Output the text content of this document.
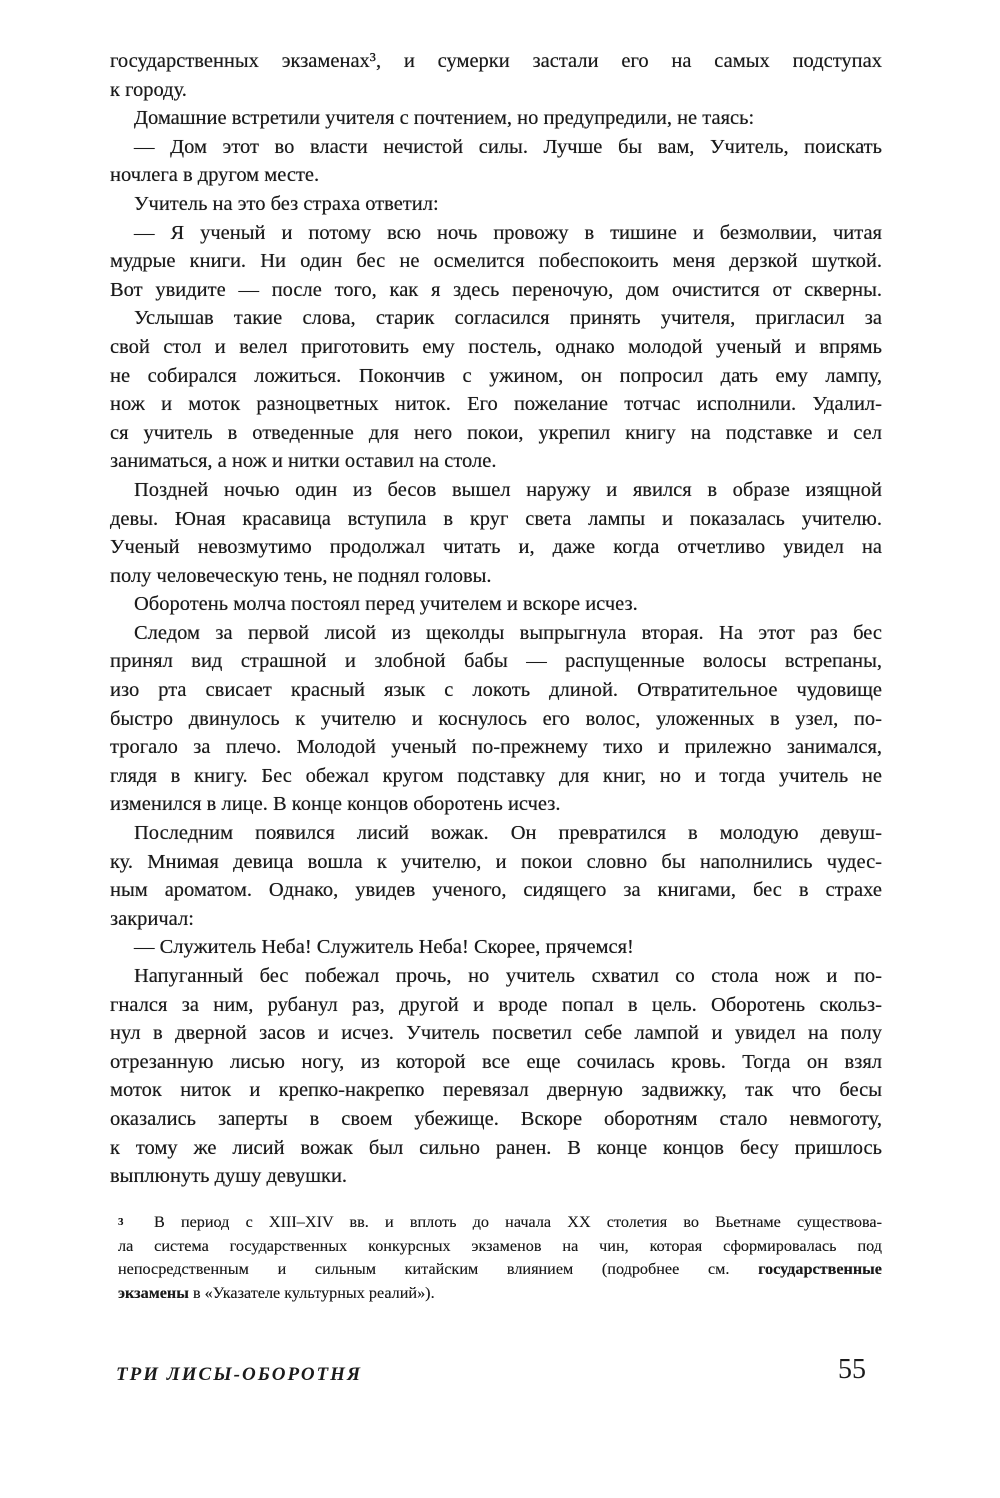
государственных экзаменах³, и сумерки застали его на самых подступах
к городу.
Домашние встретили учителя с почтением, но предупредили, не таясь:
— Дом этот во власти нечистой силы. Лучше бы вам, Учитель, поискать
ночлега в другом месте.
Учитель на это без страха ответил:
— Я ученый и потому всю ночь провожу в тишине и безмолвии, читая
мудрые книги. Ни один бес не осмелится побеспокоить меня дерзкой шуткой.
Вот увидите — после того, как я здесь переночую, дом очистится от скверны.
Услышав такие слова, старик согласился принять учителя, пригласил за
свой стол и велел приготовить ему постель, однако молодой ученый и впрямь
не собирался ложиться. Покончив с ужином, он попросил дать ему лампу,
нож и моток разноцветных ниток. Его пожелание тотчас исполнили. Удалил-
ся учитель в отведенные для него покои, укрепил книгу на подставке и сел
заниматься, а нож и нитки оставил на столе.
Поздней ночью один из бесов вышел наружу и явился в образе изящной
девы. Юная красавица вступила в круг света лампы и показалась учителю.
Ученый невозмутимо продолжал читать и, даже когда отчетливо увидел на
полу человеческую тень, не поднял головы.
Оборотень молча постоял перед учителем и вскоре исчез.
Следом за первой лисой из щеколды выпрыгнула вторая. На этот раз бес
принял вид страшной и злобной бабы — распущенные волосы встрепаны,
изо рта свисает красный язык с локоть длиной. Отвратительное чудовище
быстро двинулось к учителю и коснулось его волос, уложенных в узел, по-
трогало за плечо. Молодой ученый по-прежнему тихо и прилежно занимался,
глядя в книгу. Бес обежал кругом подставку для книг, но и тогда учитель не
изменился в лице. В конце концов оборотень исчез.
Последним появился лисий вожак. Он превратился в молодую девуш-
ку. Мнимая девица вошла к учителю, и покои словно бы наполнились чудес-
ным ароматом. Однако, увидев ученого, сидящего за книгами, бес в страхе
закричал:
— Служитель Неба! Служитель Неба! Скорее, прячемся!
Напуганный бес побежал прочь, но учитель схватил со стола нож и по-
гнался за ним, рубанул раз, другой и вроде попал в цель. Оборотень скольз-
нул в дверной засов и исчез. Учитель посветил себе лампой и увидел на полу
отрезанную лисью ногу, из которой все еще сочилась кровь. Тогда он взял
моток ниток и крепко-накрепко перевязал дверную задвижку, так что бесы
оказались заперты в своем убежище. Вскоре оборотням стало невмоготу,
к тому же лисий вожак был сильно ранен. В конце концов бесу пришлось
выплюнуть душу девушки.
3 В период с XIII–XIV вв. и вплоть до начала XX столетия во Вьетнаме существова-
ла система государственных конкурсных экзаменов на чин, которая сформировалась под
непосредственным и сильным китайским влиянием (подробнее см. государственные
экзамены в «Указателе культурных реалий»).
ТРИ ЛИСЫ-ОБОРОТНЯ	55
